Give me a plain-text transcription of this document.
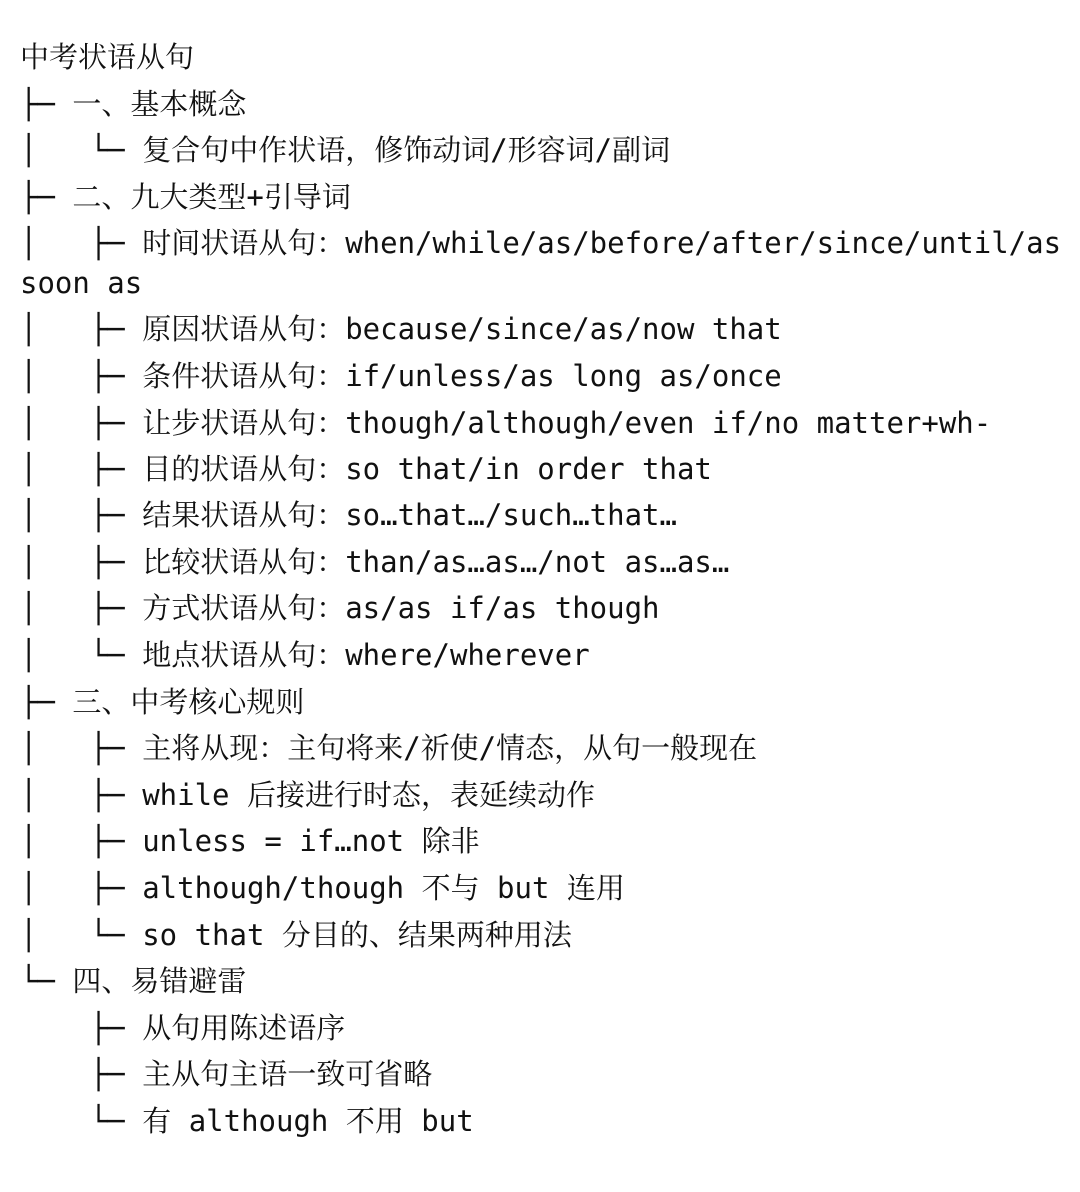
中考状语从句
├─ 一、基本概念
│   └─ 复合句中作状语，修饰动词/形容词/副词
├─ 二、九大类型+引导词
│   ├─ 时间状语从句：when/while/as/before/after/since/until/as soon as
│   ├─ 原因状语从句：because/since/as/now that
│   ├─ 条件状语从句：if/unless/as long as/once
│   ├─ 让步状语从句：though/although/even if/no matter+wh-
│   ├─ 目的状语从句：so that/in order that
│   ├─ 结果状语从句：so…that…/such…that…
│   ├─ 比较状语从句：than/as…as…/not as…as…
│   ├─ 方式状语从句：as/as if/as though
│   └─ 地点状语从句：where/wherever
├─ 三、中考核心规则
│   ├─ 主将从现：主句将来/祈使/情态，从句一般现在
│   ├─ while 后接进行时态，表延续动作
│   ├─ unless = if…not 除非
│   ├─ although/though 不与 but 连用
│   └─ so that 分目的、结果两种用法
└─ 四、易错避雷
├─ 从句用陈述语序
├─ 主从句主语一致可省略
└─ 有 although 不用 but
